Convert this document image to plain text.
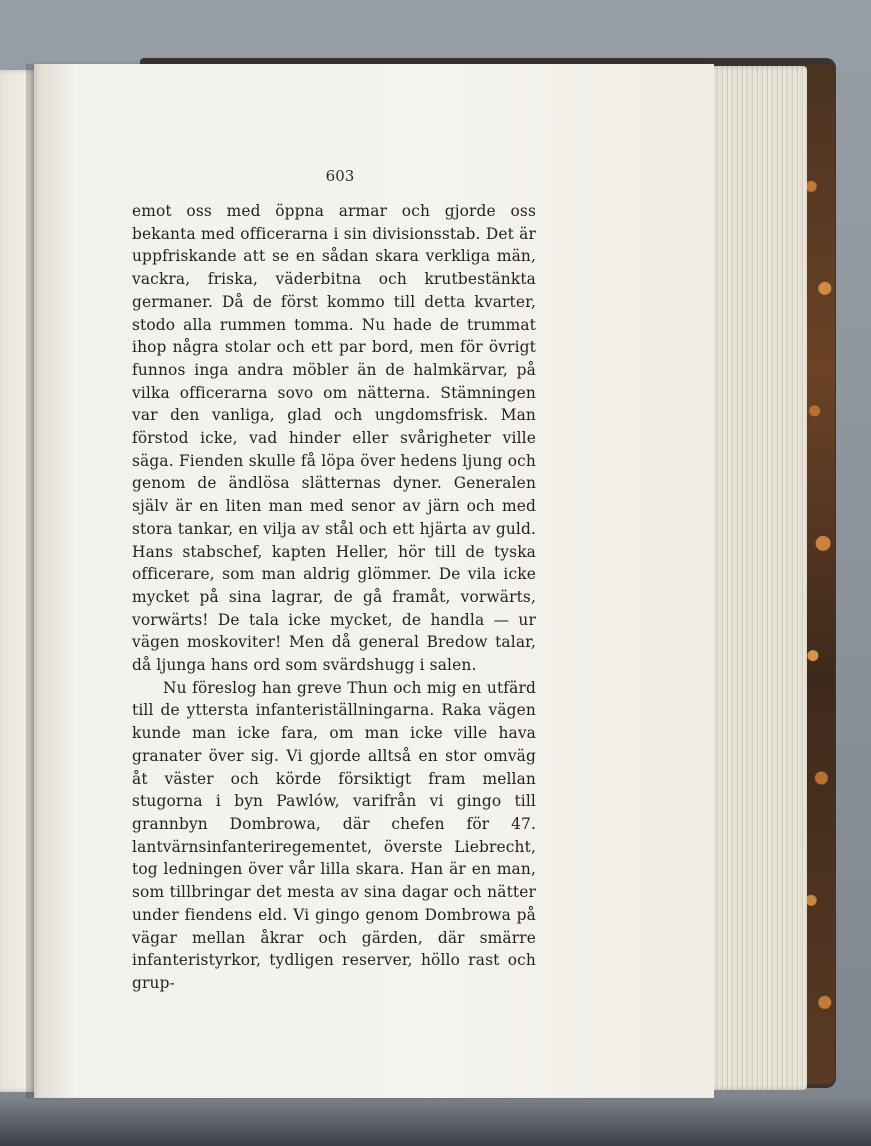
603

emot oss med öppna armar och gjorde oss bekanta med officerarna i sin divisionsstab. Det är uppfriskande att se en sådan skara verkliga män, vackra, friska, väderbitna och krutbestänkta germaner. Då de först kommo till detta kvarter, stodo alla rummen tomma. Nu hade de trummat ihop några stolar och ett par bord, men för övrigt funnos inga andra möbler än de halmkärvar, på vilka officerarna sovo om nätterna. Stämningen var den vanliga, glad och ungdomsfrisk. Man förstod icke, vad hinder eller svårigheter ville säga. Fienden skulle få löpa över hedens ljung och genom de ändlösa slätternas dyner. Generalen själv är en liten man med senor av järn och med stora tankar, en vilja av stål och ett hjärta av guld. Hans stabschef, kapten Heller, hör till de tyska officerare, som man aldrig glömmer. De vila icke mycket på sina lagrar, de gå framåt, vorwärts, vorwärts! De tala icke mycket, de handla — ur vägen moskoviter! Men då general Bredow talar, då ljunga hans ord som svärdshugg i salen.

Nu föreslog han greve Thun och mig en utfärd till de yttersta infanteriställningarna. Raka vägen kunde man icke fara, om man icke ville hava granater över sig. Vi gjorde alltså en stor omväg åt väster och körde försiktigt fram mellan stugorna i byn Pawlów, varifrån vi gingo till grannbyn Dombrowa, där chefen för 47. lantvärnsinfanteriregementet, överste Liebrecht, tog ledningen över vår lilla skara. Han är en man, som tillbringar det mesta av sina dagar och nätter under fiendens eld. Vi gingo genom Dombrowa på vägar mellan åkrar och gärden, där smärre infanteristyrkor, tydligen reserver, höllo rast och grup-
